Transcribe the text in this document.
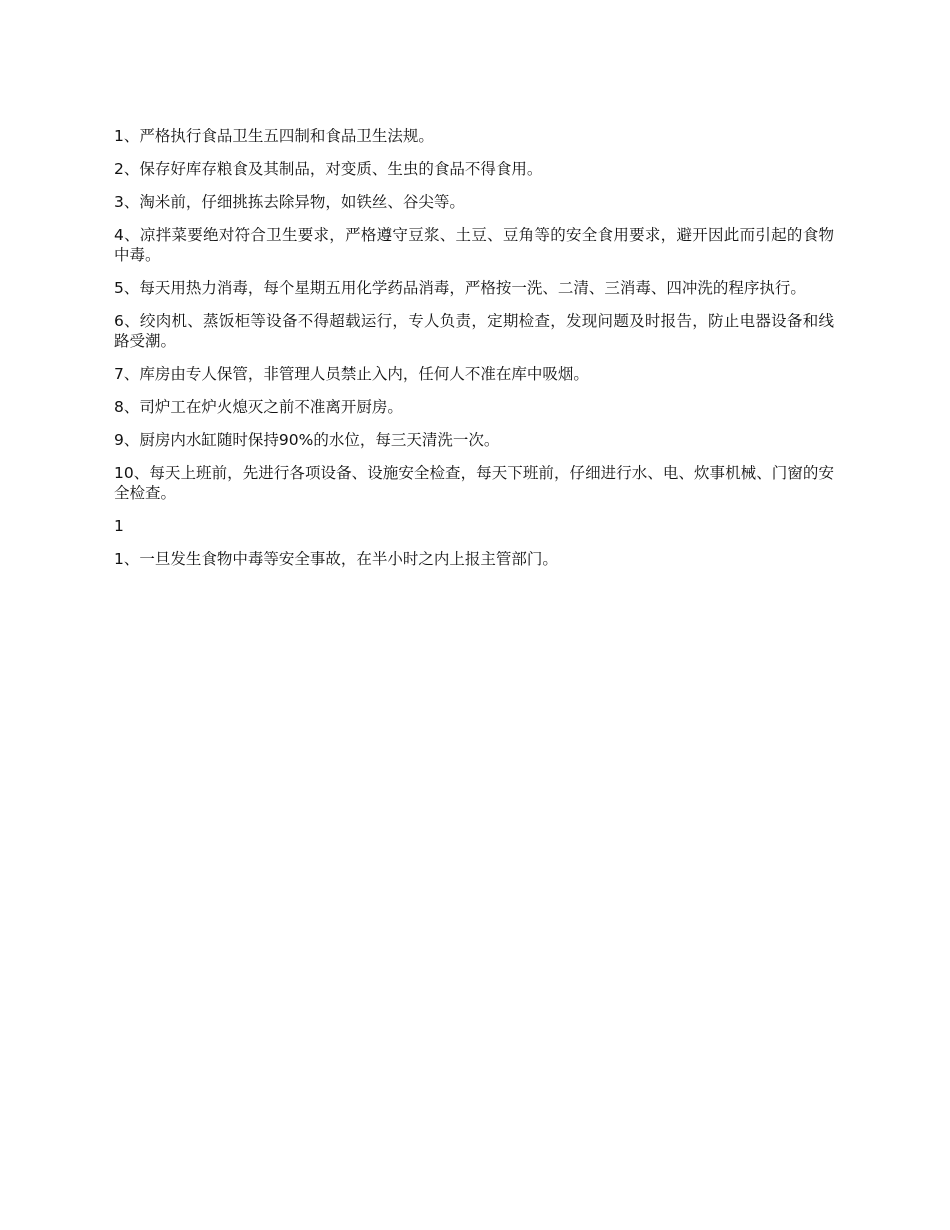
1、严格执行食品卫生五四制和食品卫生法规。

2、保存好库存粮食及其制品，对变质、生虫的食品不得食用。

3、淘米前，仔细挑拣去除异物，如铁丝、谷尖等。

4、凉拌菜要绝对符合卫生要求，严格遵守豆浆、土豆、豆角等的安全食用要求，避开因此而引起的食物中毒。

5、每天用热力消毒，每个星期五用化学药品消毒，严格按一洗、二清、三消毒、四冲洗的程序执行。

6、绞肉机、蒸饭柜等设备不得超载运行，专人负责，定期检查，发现问题及时报告，防止电器设备和线路受潮。

7、库房由专人保管，非管理人员禁止入内，任何人不准在库中吸烟。

8、司炉工在炉火熄灭之前不准离开厨房。

9、厨房内水缸随时保持90%的水位，每三天清洗一次。

10、每天上班前，先进行各项设备、设施安全检查，每天下班前，仔细进行水、电、炊事机械、门窗的安全检查。

1

1、一旦发生食物中毒等安全事故，在半小时之内上报主管部门。
